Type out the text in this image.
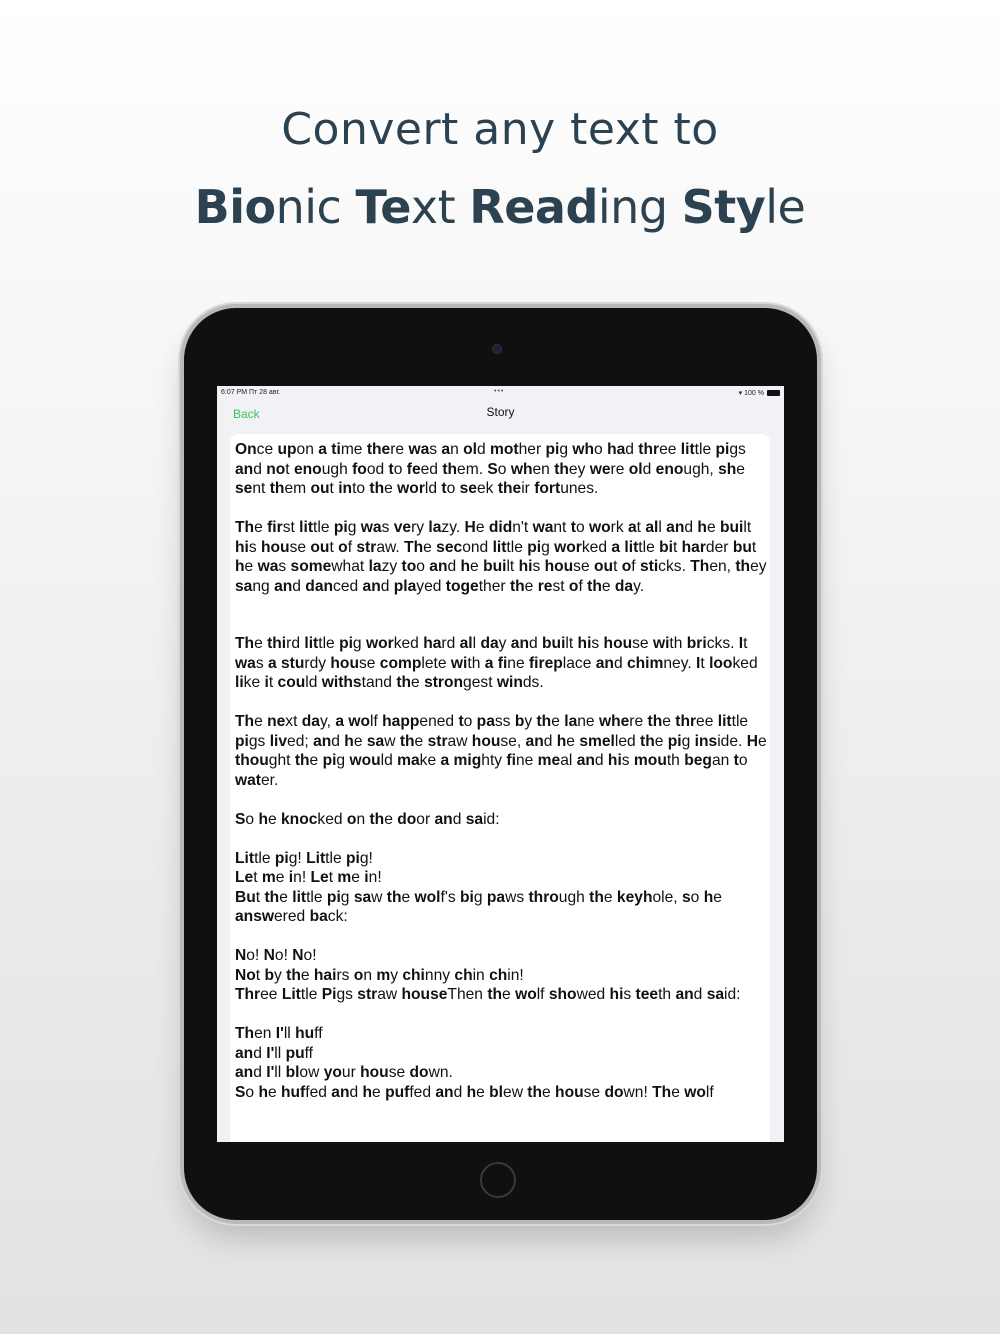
Convert any text to
Bionic Text Reading Style
6:07 PM Пт 28 авг.	•••	▾ 100 %
Back	Story

Once upon a time there was an old mother pig who had three little pigs and not enough food to feed them. So when they were old enough, she sent them out into the world to seek their fortunes.

The first little pig was very lazy. He didn't want to work at all and he built his house out of straw. The second little pig worked a little bit harder but he was somewhat lazy too and he built his house out of sticks. Then, they sang and danced and played together the rest of the day.

The third little pig worked hard all day and built his house with bricks. It was a sturdy house complete with a fine fireplace and chimney. It looked like it could withstand the strongest winds.

The next day, a wolf happened to pass by the lane where the three little pigs lived; and he saw the straw house, and he smelled the pig inside. He thought the pig would make a mighty fine meal and his mouth began to water.

So he knocked on the door and said:

Little pig! Little pig!
Let me in! Let me in!
But the little pig saw the wolf's big paws through the keyhole, so he answered back:

No! No! No!
Not by the hairs on my chinny chin chin!
Three Little Pigs straw houseThen the wolf showed his teeth and said:

Then I'll huff
and I'll puff
and I'll blow your house down.
So he huffed and he puffed and he blew the house down! The wolf
